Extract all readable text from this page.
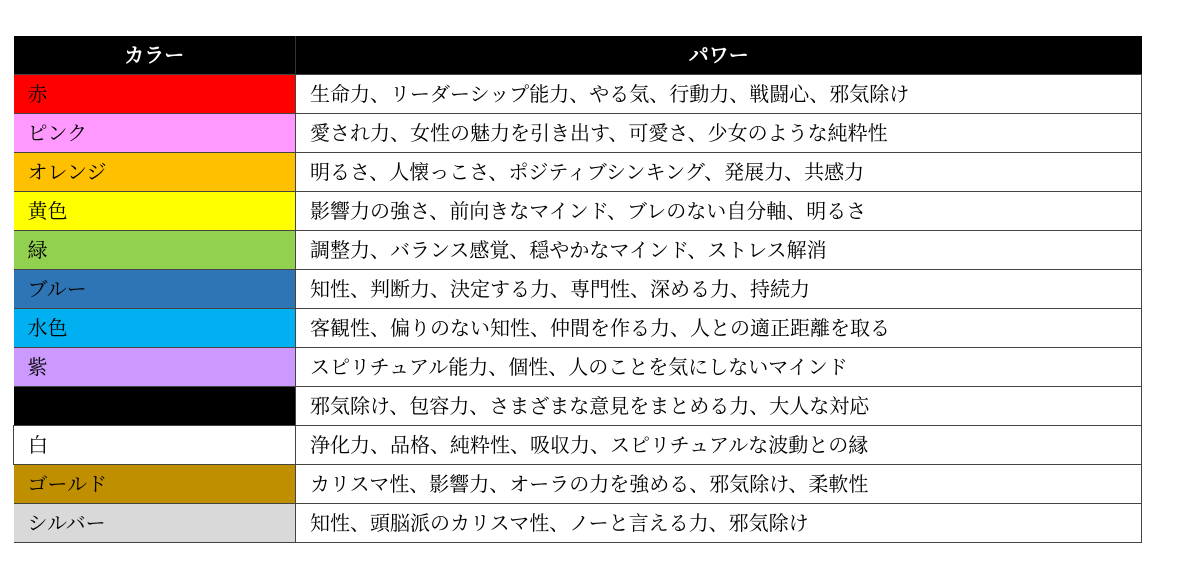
カラー	パワー
赤	生命力、リーダーシップ能力、やる気、行動力、戦闘心、邪気除け
ピンク	愛され力、女性の魅力を引き出す、可愛さ、少女のような純粋性
オレンジ	明るさ、人懐っこさ、ポジティブシンキング、発展力、共感力
黄色	影響力の強さ、前向きなマインド、ブレのない自分軸、明るさ
緑	調整力、バランス感覚、穏やかなマインド、ストレス解消
ブルー	知性、判断力、決定する力、専門性、深める力、持続力
水色	客観性、偏りのない知性、仲間を作る力、人との適正距離を取る
紫	スピリチュアル能力、個性、人のことを気にしないマインド
	邪気除け、包容力、さまざまな意見をまとめる力、大人な対応
白	浄化力、品格、純粋性、吸収力、スピリチュアルな波動との縁
ゴールド	カリスマ性、影響力、オーラの力を強める、邪気除け、柔軟性
シルバー	知性、頭脳派のカリスマ性、ノーと言える力、邪気除け
